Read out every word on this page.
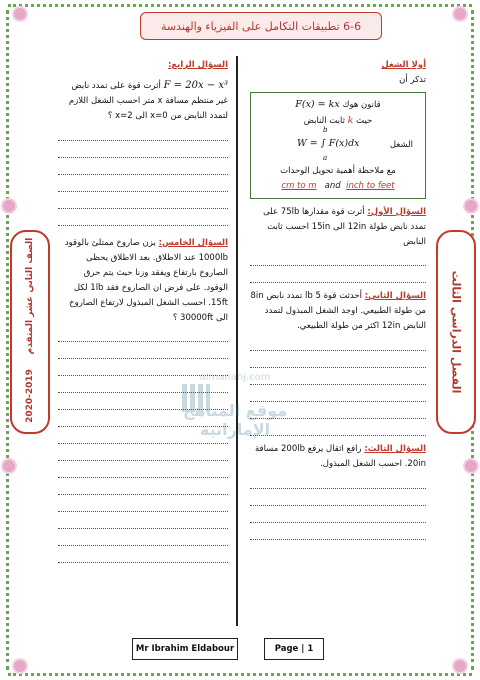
6-6 تطبيقات التكامل على الفيزياء والهندسة
الصف الثاني عشر المتقدم
2020-2019
الفصل الدراسي الثالث
أولا الشغل
تذكر أن
قانون هوك F(x) = kx
حيث k ثابت النابض
الشغل
b
W = ∫ F(x)dx
a
مع ملاحظة أهمية تحويل الوحدات
cm to m and inch to feet
السؤال الأول: أثرت قوة مقدارها 75lb على تمدد نابض طولة 12in الى 15in احسب ثابت النابض
السؤال الثاني: أحدثت قوة 5 lb تمدد نابض 8in من طولة الطبيعي. اوجد الشغل المبذول لتمدد النابض 12in اكثر من طولة الطبيعي.
السؤال الثالث: رافع اثقال يرفع 200lb مسافة 20in. احسب الشغل المبذول.
السؤال الرابع:
F = 20x − x³ أثرت قوة على تمدد نابض غير منتظم مسافة x متر احسب الشغل اللازم لتمدد النابض من x=0 الى x=2 ؟
السؤال الخامس: يزن صاروخ ممتلئ بالوقود 1000lb عند الاطلاق. بعد الاطلاق يحظى الصاروخ بارتفاع ويفقد وزنا حيث يتم حرق الوقود. على فرض ان الصاروخ فقد 1lb لكل 15ft. احسب الشغل المبذول لارتفاع الصاروخ الى 30000ft ؟
almanahj.com
موقع المناهج الإماراتية
Mr Ibrahim Eldabour	Page | 1
